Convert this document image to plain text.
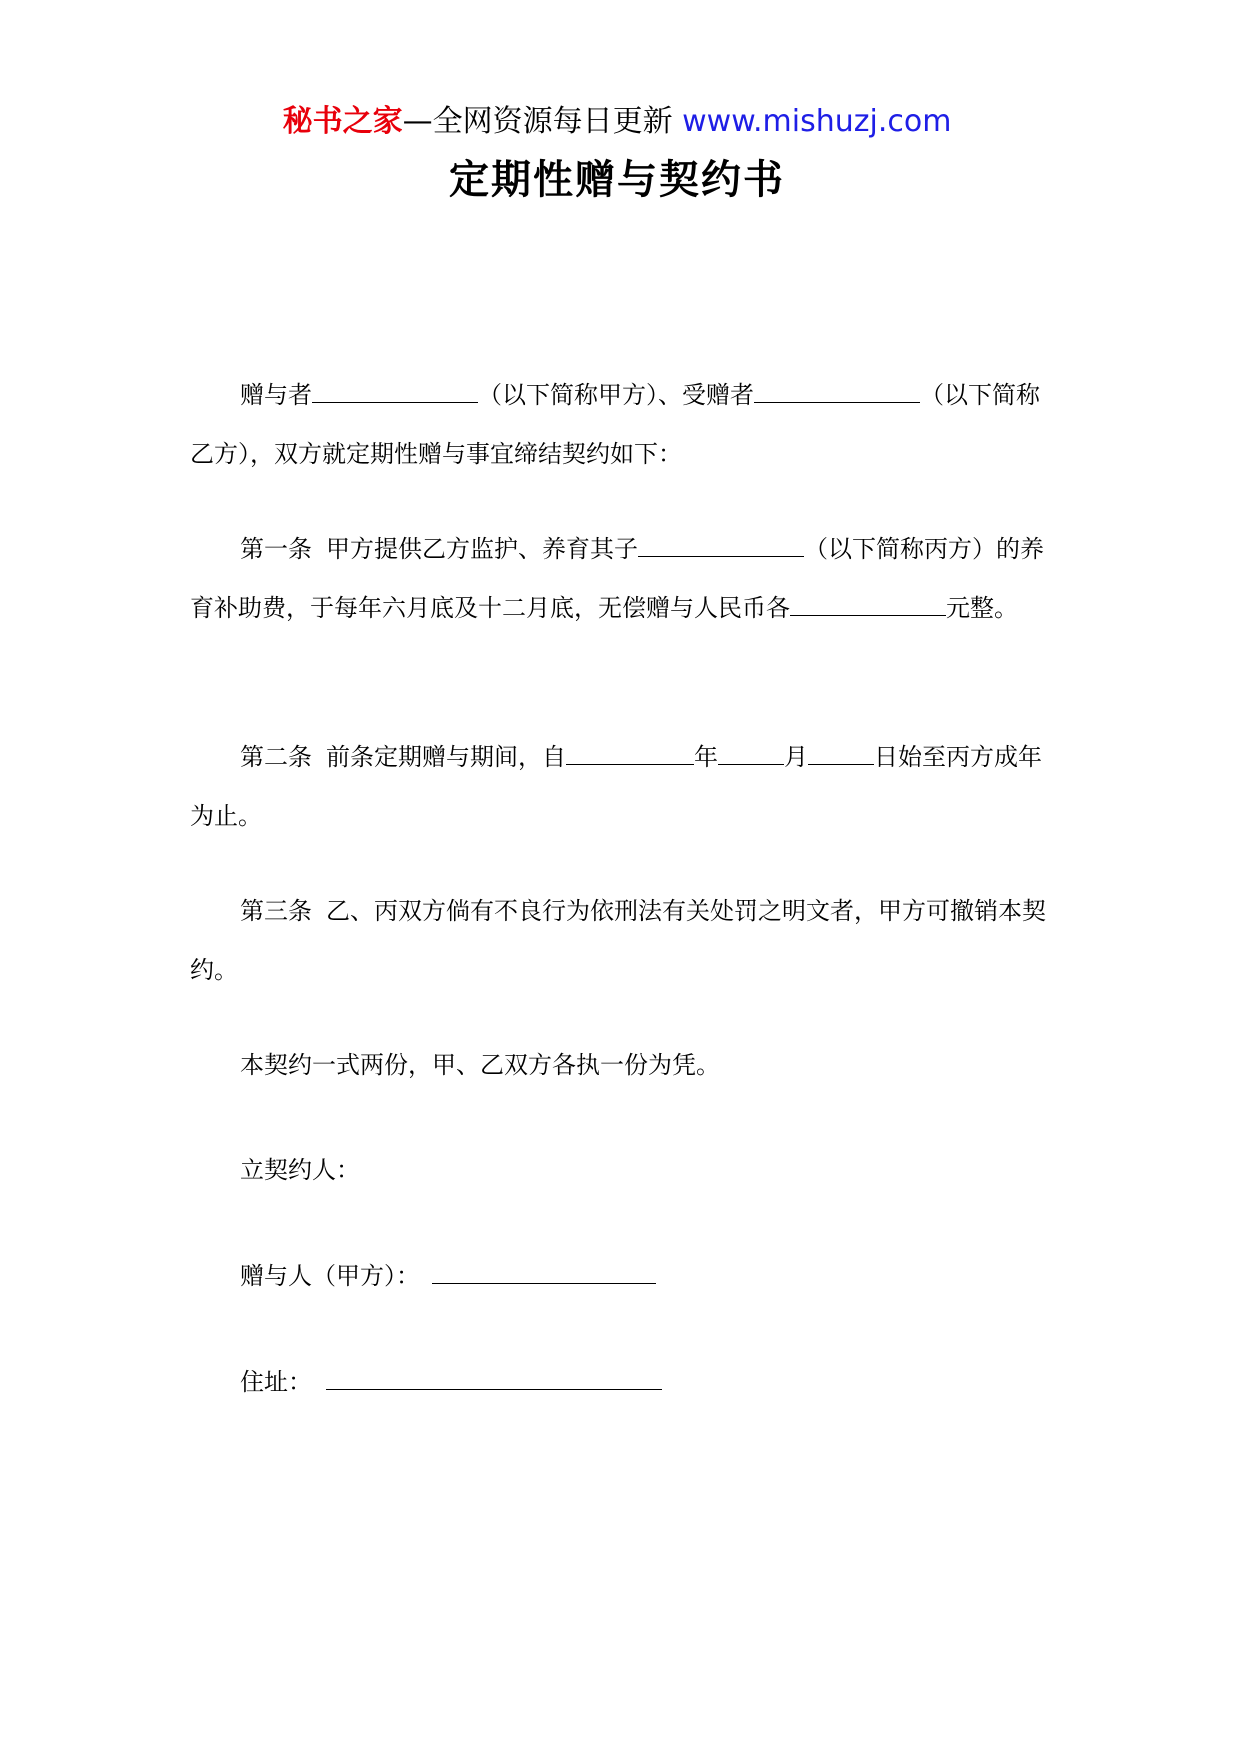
秘书之家—全网资源每日更新 www.mishuzj.com
定期性赠与契约书

赠与者	（以下简称甲方）、受赠者	（以下简称乙方），双方就定期性赠与事宜缔结契约如下：

第一条 甲方提供乙方监护、养育其子	（以下简称丙方）的养育补助费，于每年六月底及十二月底，无偿赠与人民币各	元整。

第二条 前条定期赠与期间，自	年	月	日始至丙方成年为止。

第三条 乙、丙双方倘有不良行为依刑法有关处罚之明文者，甲方可撤销本契约。

本契约一式两份，甲、乙双方各执一份为凭。

立契约人：
赠与人（甲方）：
住址：
